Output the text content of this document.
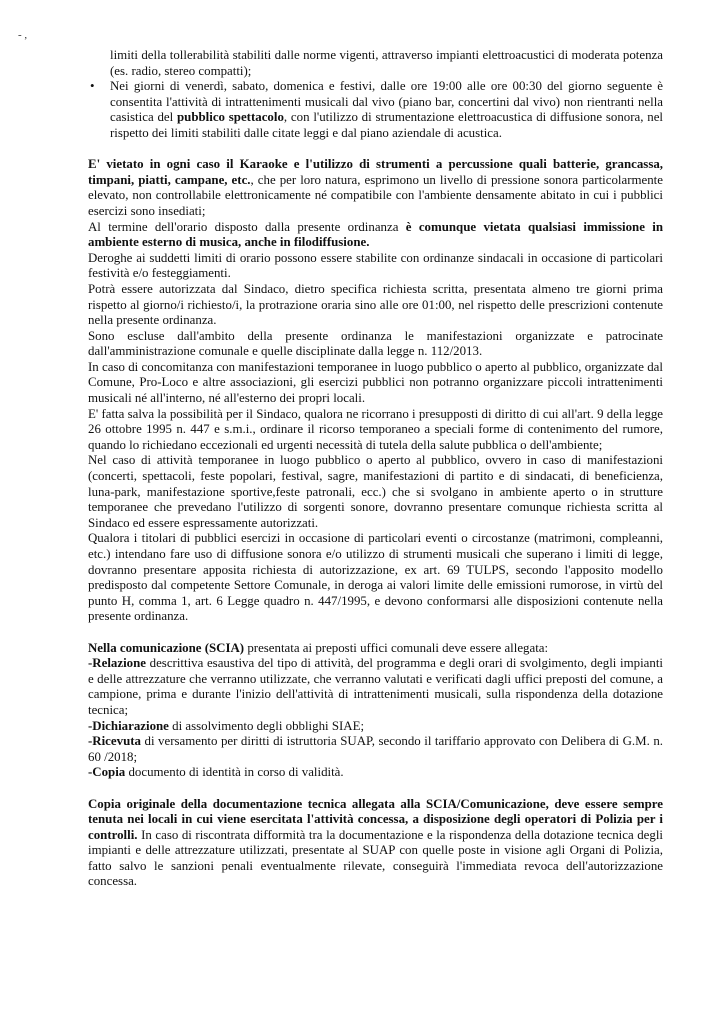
- ,

limiti della tollerabilità stabiliti dalle norme vigenti, attraverso impianti elettroacustici di moderata potenza (es. radio, stereo compatti);

• Nei giorni di venerdì, sabato, domenica e festivi, dalle ore 19:00 alle ore 00:30 del giorno seguente è consentita l'attività di intrattenimenti musicali dal vivo (piano bar, concertini dal vivo) non rientranti nella casistica del pubblico spettacolo, con l'utilizzo di strumentazione elettroacustica di diffusione sonora, nel rispetto dei limiti stabiliti dalle citate leggi e dal piano aziendale di acustica.

E' vietato in ogni caso il Karaoke e l'utilizzo di strumenti a percussione quali batterie, grancassa, timpani, piatti, campane, etc., che per loro natura, esprimono un livello di pressione sonora particolarmente elevato, non controllabile elettronicamente né compatibile con l'ambiente densamente abitato in cui i pubblici esercizi sono insediati;

Al termine dell'orario disposto dalla presente ordinanza è comunque vietata qualsiasi immissione in ambiente esterno di musica, anche in filodiffusione.

Deroghe ai suddetti limiti di orario possono essere stabilite con ordinanze sindacali in occasione di particolari festività e/o festeggiamenti.

Potrà essere autorizzata dal Sindaco, dietro specifica richiesta scritta, presentata almeno tre giorni prima rispetto al giorno/i richiesto/i, la protrazione oraria sino alle ore 01:00, nel rispetto delle prescrizioni contenute nella presente ordinanza.

Sono escluse dall'ambito della presente ordinanza le manifestazioni organizzate e patrocinate dall'amministrazione comunale e quelle disciplinate dalla legge n. 112/2013.

In caso di concomitanza con manifestazioni temporanee in luogo pubblico o aperto al pubblico, organizzate dal Comune, Pro-Loco e altre associazioni, gli esercizi pubblici non potranno organizzare piccoli intrattenimenti musicali né all'interno, né all'esterno dei propri locali.

E' fatta salva la possibilità per il Sindaco, qualora ne ricorrano i presupposti di diritto di cui all'art. 9 della legge 26 ottobre 1995 n. 447 e s.m.i., ordinare il ricorso temporaneo a speciali forme di contenimento del rumore, quando lo richiedano eccezionali ed urgenti necessità di tutela della salute pubblica o dell'ambiente;

Nel caso di attività temporanee in luogo pubblico o aperto al pubblico, ovvero in caso di manifestazioni (concerti, spettacoli, feste popolari, festival, sagre, manifestazioni di partito e di sindacati, di beneficienza, luna-park, manifestazione sportive,feste patronali, ecc.) che si svolgano in ambiente aperto o in strutture temporanee che prevedano l'utilizzo di sorgenti sonore, dovranno presentare comunque richiesta scritta al Sindaco ed essere espressamente autorizzati.

Qualora i titolari di pubblici esercizi in occasione di particolari eventi o circostanze (matrimoni, compleanni, etc.) intendano fare uso di diffusione sonora e/o utilizzo di strumenti musicali che superano i limiti di legge, dovranno presentare apposita richiesta di autorizzazione, ex art. 69 TULPS, secondo l'apposito modello predisposto dal competente Settore Comunale, in deroga ai valori limite delle emissioni rumorose, in virtù del punto H, comma 1, art. 6 Legge quadro n. 447/1995, e devono conformarsi alle disposizioni contenute nella presente ordinanza.

Nella comunicazione (SCIA) presentata ai preposti uffici comunali deve essere allegata:

-Relazione descrittiva esaustiva del tipo di attività, del programma e degli orari di svolgimento, degli impianti e delle attrezzature che verranno utilizzate, che verranno valutati e verificati dagli uffici preposti del comune, a campione, prima e durante l'inizio dell'attività di intrattenimenti musicali, sulla rispondenza della dotazione tecnica;

-Dichiarazione di assolvimento degli obblighi SIAE;

-Ricevuta di versamento per diritti di istruttoria SUAP, secondo il tariffario approvato con Delibera di G.M. n. 60 /2018;

-Copia documento di identità in corso di validità.

Copia originale della documentazione tecnica allegata alla SCIA/Comunicazione, deve essere sempre tenuta nei locali in cui viene esercitata l'attività concessa, a disposizione degli operatori di Polizia per i controlli. In caso di riscontrata difformità tra la documentazione e la rispondenza della dotazione tecnica degli impianti e delle attrezzature utilizzati, presentate al SUAP con quelle poste in visione agli Organi di Polizia, fatto salvo le sanzioni penali eventualmente rilevate, conseguirà l'immediata revoca dell'autorizzazione concessa.
